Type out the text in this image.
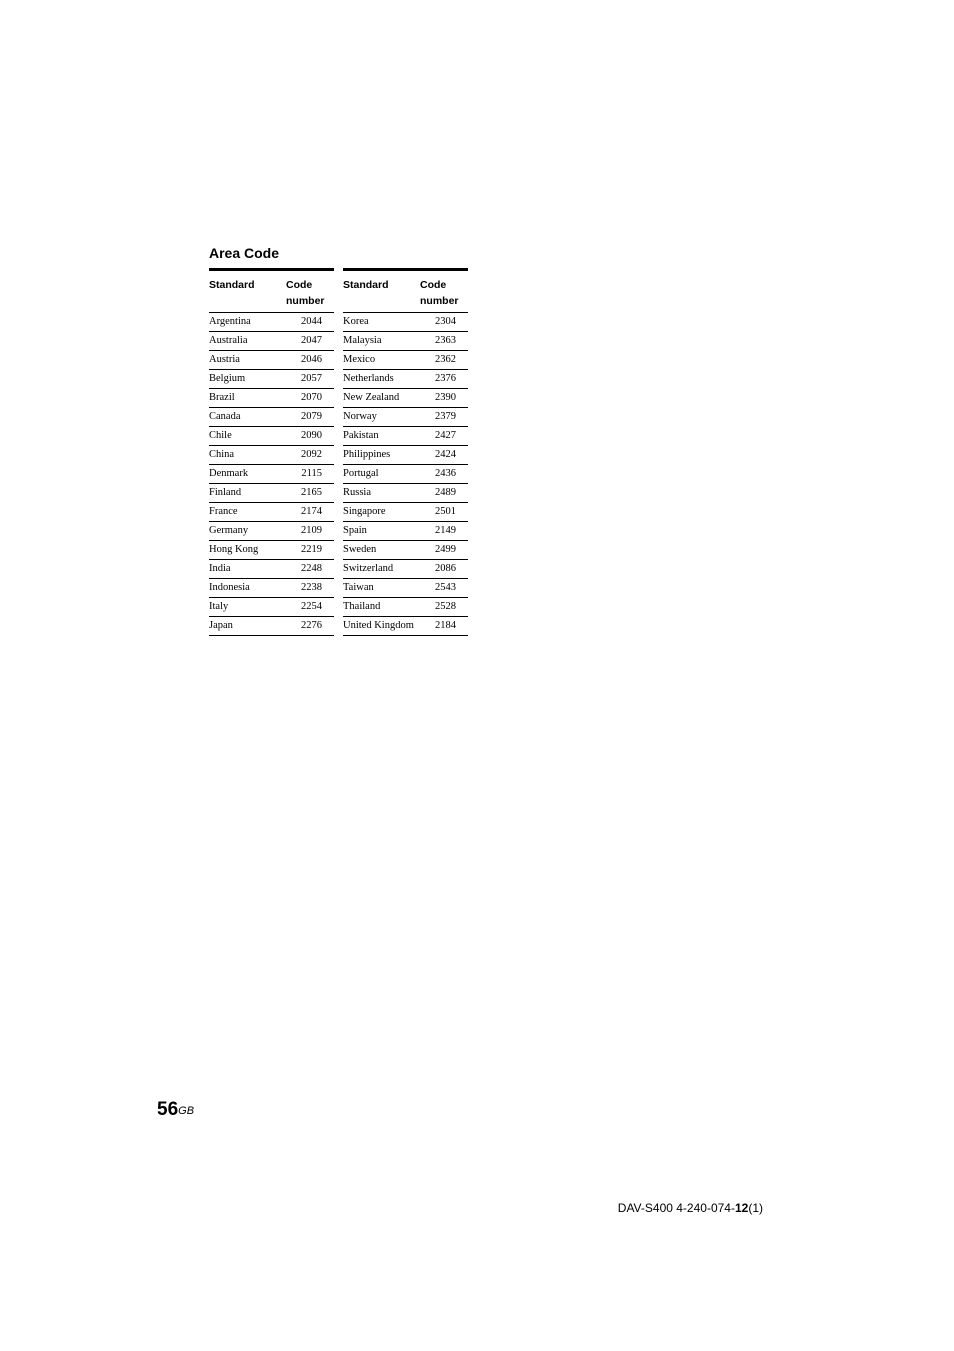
Area Code
Standard	Code
number
Argentina	2044
Australia	2047
Austria	2046
Belgium	2057
Brazil	2070
Canada	2079
Chile	2090
China	2092
Denmark	2115
Finland	2165
France	2174
Germany	2109
Hong Kong	2219
India	2248
Indonesia	2238
Italy	2254
Japan	2276
Standard	Code
number
Korea	2304
Malaysia	2363
Mexico	2362
Netherlands	2376
New Zealand	2390
Norway	2379
Pakistan	2427
Philippines	2424
Portugal	2436
Russia	2489
Singapore	2501
Spain	2149
Sweden	2499
Switzerland	2086
Taiwan	2543
Thailand	2528
United Kingdom	2184
$56^{GB}$
DAV-S400 4-240-074-12(1)
